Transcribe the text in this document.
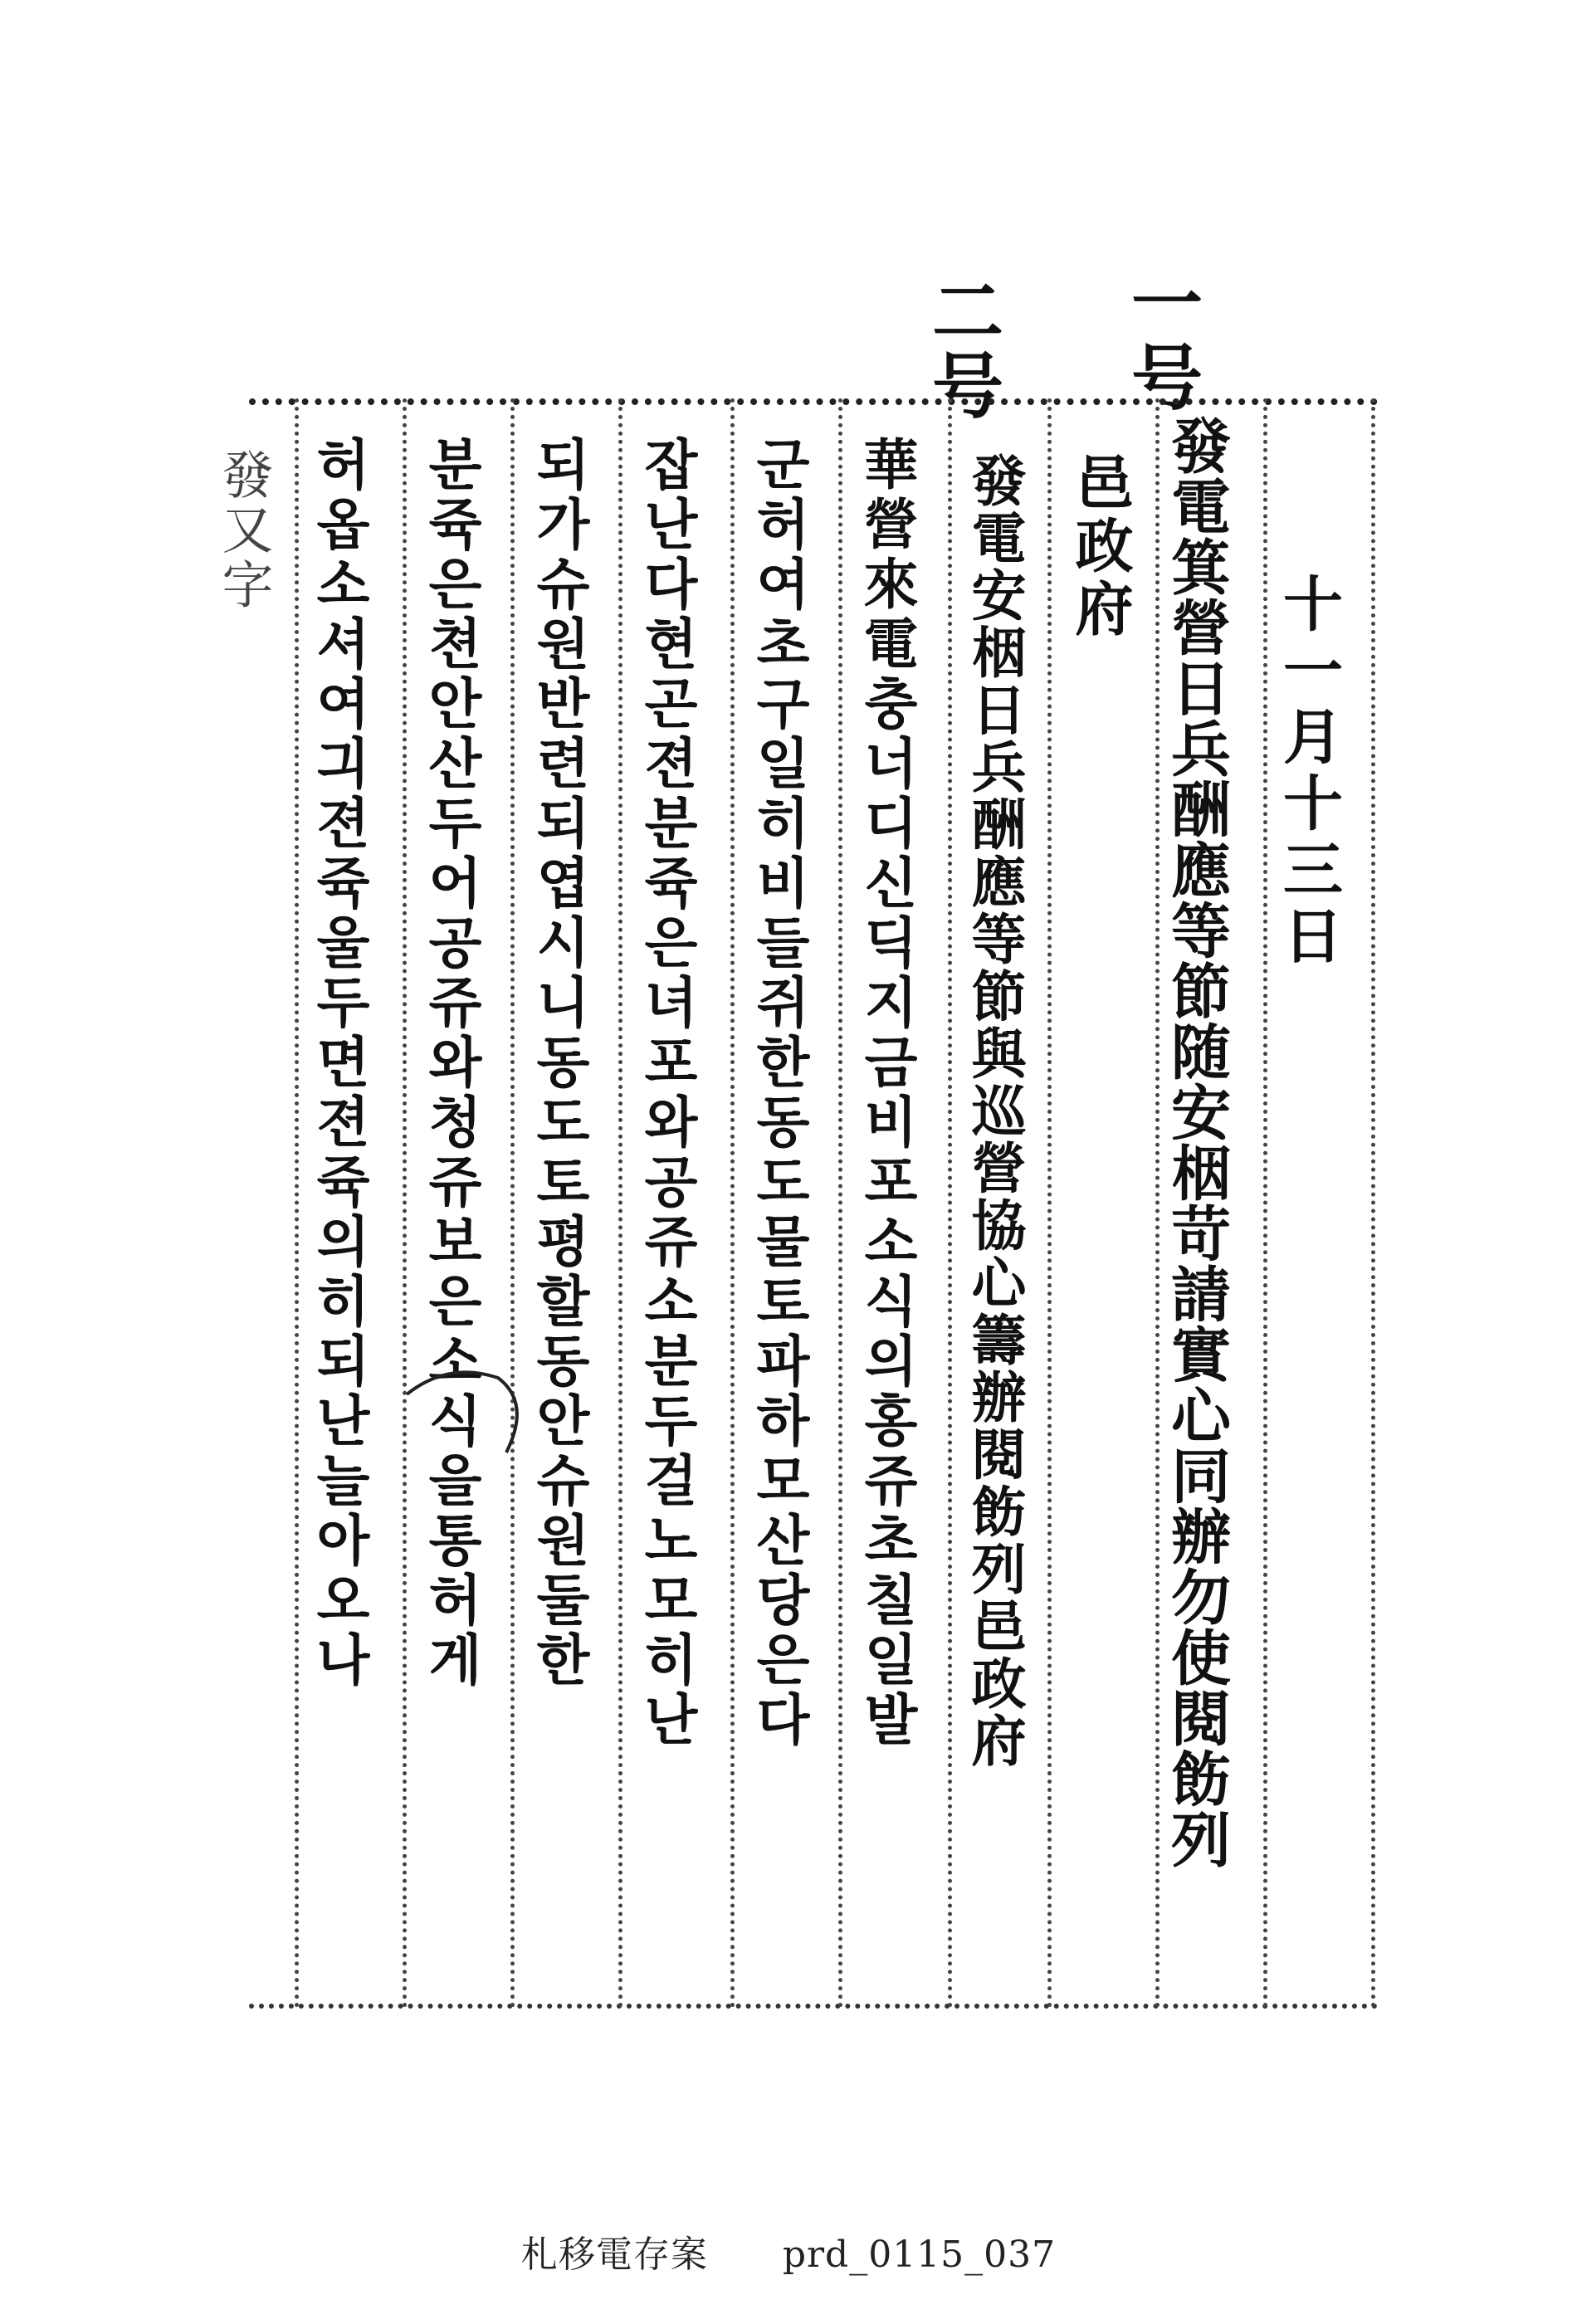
一号
二号
十一月十三日
發電箕營日兵酬應等節随安栶苛請實心同辦勿使閱飭列
邑政府
發電安栶日兵酬應等節與巡營協心籌辦閱飭列邑政府
華營來電충너디신딕지금비포소식의홍쥬초칠일발
군허여초구일히비들쥐한동도물토파하모산당은다
잡난다현곤젼분쥭은녀포와공쥬소분두걸노모히난
되가슈원반련되엽시니동도토평할동안슈원둘한
분쥭은쳔안산두어공쥬와청쥬보은소식을통허게
허옵소셔여긔젼쥭울두면젼쥭의히되난늘아오나
發又字
札移電存案 prd_0115_037
